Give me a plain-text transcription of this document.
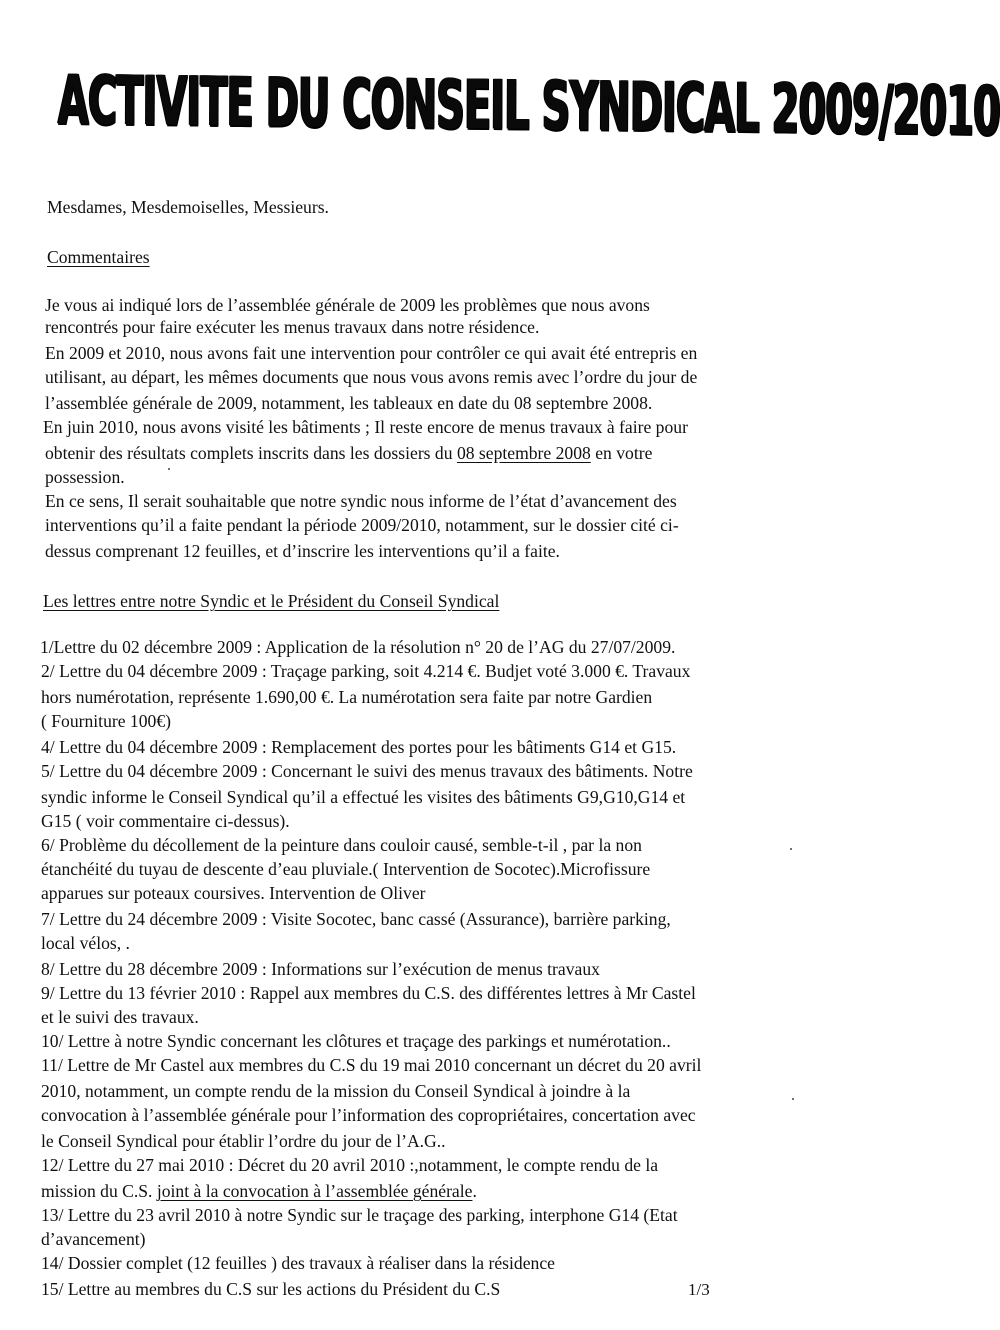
ACTIVITE DU CONSEIL SYNDICAL 2009/2010
Mesdames, Mesdemoiselles, Messieurs.
Commentaires
Je vous ai indiqué lors de l’assemblée générale de 2009 les problèmes que nous avons
rencontrés pour faire exécuter les menus travaux dans notre résidence.
En 2009 et 2010, nous avons fait une intervention pour contrôler ce qui avait été entrepris en
utilisant, au départ, les mêmes documents que nous vous avons remis avec l’ordre du jour de
l’assemblée générale de 2009, notamment, les tableaux en date du 08 septembre 2008.
En juin 2010, nous avons visité les bâtiments ; Il reste encore de menus travaux à faire pour
obtenir des résultats complets inscrits dans les dossiers du 08 septembre 2008 en votre
possession.
En ce sens, Il serait souhaitable que notre syndic nous informe de l’état d’avancement des
interventions qu’il a faite pendant la période 2009/2010, notamment, sur le dossier cité ci-
dessus comprenant 12 feuilles, et d’inscrire les interventions qu’il a faite.
Les lettres entre notre Syndic et le Président du Conseil Syndical
1/Lettre du 02 décembre 2009 : Application de la résolution n° 20 de l’AG du 27/07/2009.
2/ Lettre du 04 décembre 2009 : Traçage parking, soit 4.214 €. Budjet voté 3.000 €. Travaux
hors numérotation, représente 1.690,00 €. La numérotation sera faite par notre Gardien
( Fourniture 100€)
4/ Lettre du 04 décembre 2009 : Remplacement des portes pour les bâtiments G14 et G15.
5/ Lettre du 04 décembre 2009 : Concernant le suivi des menus travaux des bâtiments. Notre
syndic informe le Conseil Syndical qu’il a effectué les visites des bâtiments G9,G10,G14 et
G15 ( voir commentaire ci-dessus).
6/ Problème du décollement de la peinture dans couloir causé, semble-t-il , par la non
étanchéité du tuyau de descente d’eau pluviale.( Intervention de Socotec).Microfissure
apparues sur poteaux coursives. Intervention de Oliver
7/ Lettre du 24 décembre 2009 : Visite Socotec, banc cassé (Assurance), barrière parking,
local vélos, .
8/ Lettre du 28 décembre 2009 : Informations sur l’exécution de menus travaux
9/ Lettre du 13 février 2010 : Rappel aux membres du C.S. des différentes lettres à Mr Castel
et le suivi des travaux.
10/ Lettre à notre Syndic concernant les clôtures et traçage des parkings et numérotation..
11/ Lettre de Mr Castel aux membres du C.S du 19 mai 2010 concernant un décret du 20 avril
2010, notamment, un compte rendu de la mission du Conseil Syndical à joindre à la
convocation à l’assemblée générale pour l’information des copropriétaires, concertation avec
le Conseil Syndical pour établir l’ordre du jour de l’A.G..
12/ Lettre du 27 mai 2010 : Décret du 20 avril 2010 :,notamment, le compte rendu de la
mission du C.S. joint à la convocation à l’assemblée générale.
13/ Lettre du 23 avril 2010 à notre Syndic sur le traçage des parking, interphone G14 (Etat
d’avancement)
14/ Dossier complet (12 feuilles ) des travaux à réaliser dans la résidence
15/ Lettre au membres du C.S sur les actions du Président du C.S	1/3
